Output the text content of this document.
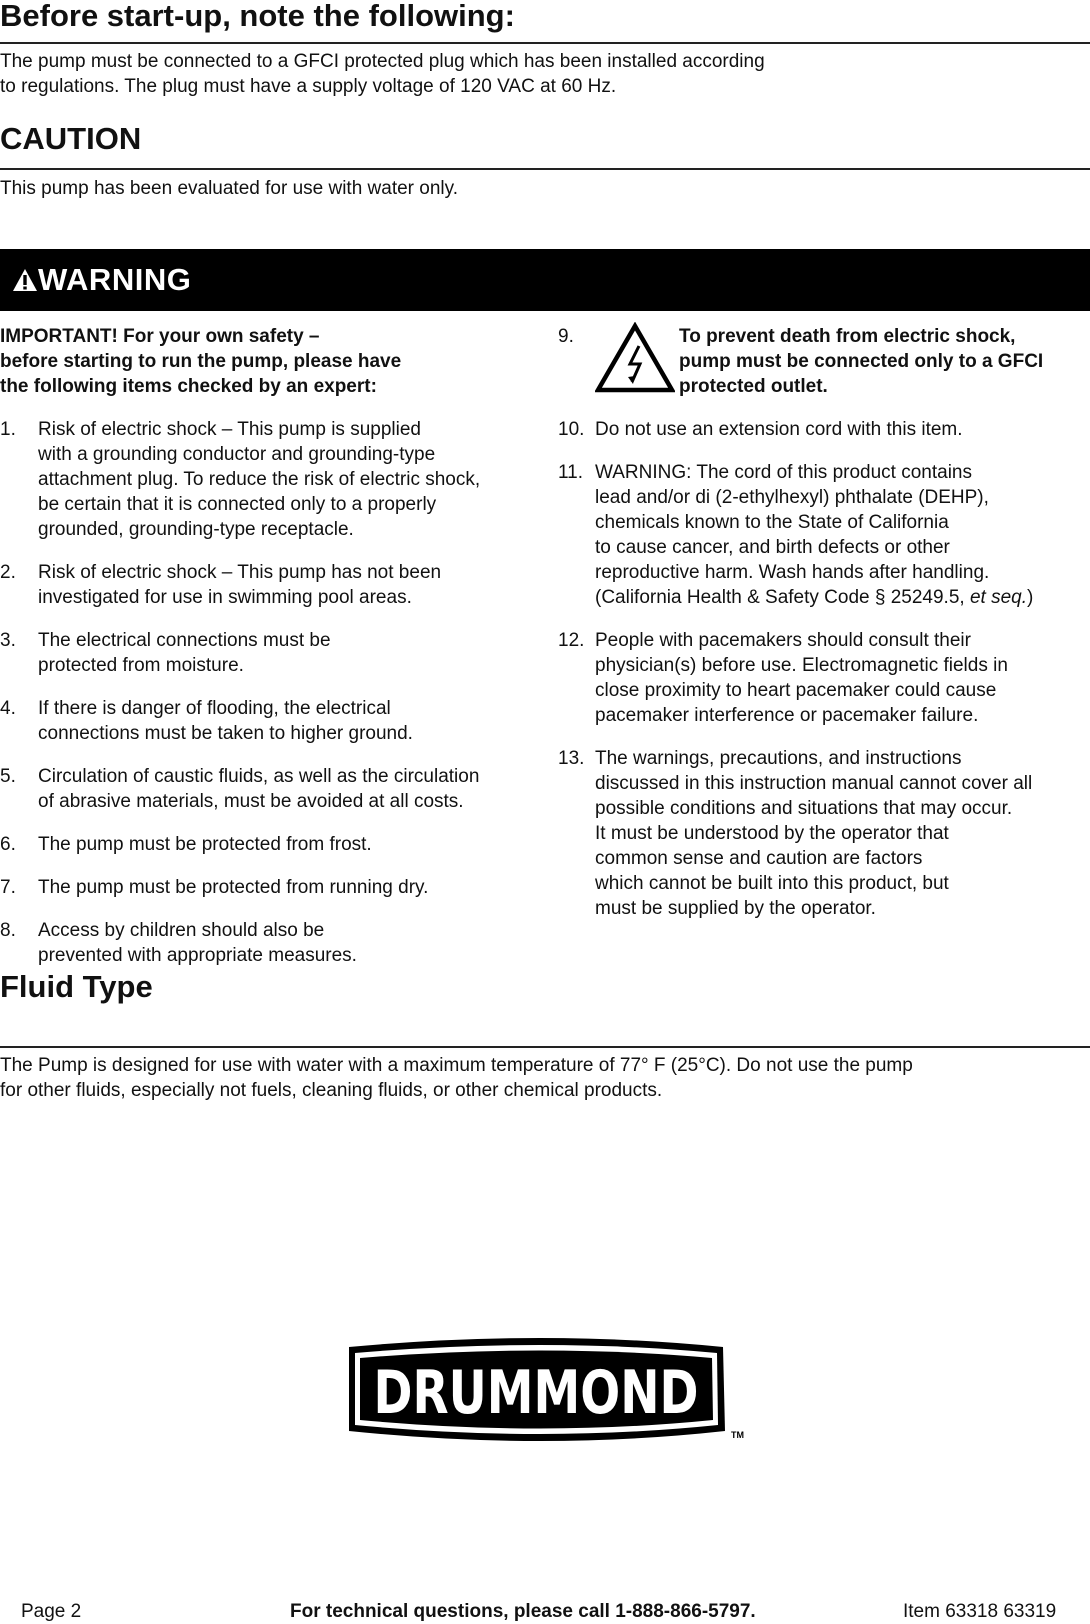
Before start-up, note the following:

The pump must be connected to a GFCI protected plug which has been installed according
to regulations. The plug must have a supply voltage of 120 VAC at 60 Hz.

CAUTION

This pump has been evaluated for use with water only.

WARNING
IMPORTANT! For your own safety –
before starting to run the pump, please have
the following items checked by an expert:
1. Risk of electric shock – This pump is supplied
with a grounding conductor and grounding-type
attachment plug. To reduce the risk of electric shock,
be certain that it is connected only to a properly
grounded, grounding-type receptacle.
2. Risk of electric shock – This pump has not been
investigated for use in swimming pool areas.
3. The electrical connections must be
protected from moisture.
4. If there is danger of flooding, the electrical
connections must be taken to higher ground.
5. Circulation of caustic fluids, as well as the circulation
of abrasive materials, must be avoided at all costs.
6. The pump must be protected from frost.
7. The pump must be protected from running dry.
8. Access by children should also be
prevented with appropriate measures.
9.	To prevent death from electric shock,
pump must be connected only to a GFCI
protected outlet.
10. Do not use an extension cord with this item.
11. WARNING: The cord of this product contains
lead and/or di (2-ethylhexyl) phthalate (DEHP),
chemicals known to the State of California
to cause cancer, and birth defects or other
reproductive harm. Wash hands after handling.
(California Health & Safety Code § 25249.5, et seq.)
12. People with pacemakers should consult their
physician(s) before use. Electromagnetic fields in
close proximity to heart pacemaker could cause
pacemaker interference or pacemaker failure.
13. The warnings, precautions, and instructions
discussed in this instruction manual cannot cover all
possible conditions and situations that may occur.
It must be understood by the operator that
common sense and caution are factors
which cannot be built into this product, but
must be supplied by the operator.
Fluid Type

The Pump is designed for use with water with a maximum temperature of 77° F (25°C). Do not use the pump
for other fluids, especially not fuels, cleaning fluids, or other chemical products.

DRUMMOND
TM
Page 2	For technical questions, please call 1-888-866-5797.	Item 63318 63319
